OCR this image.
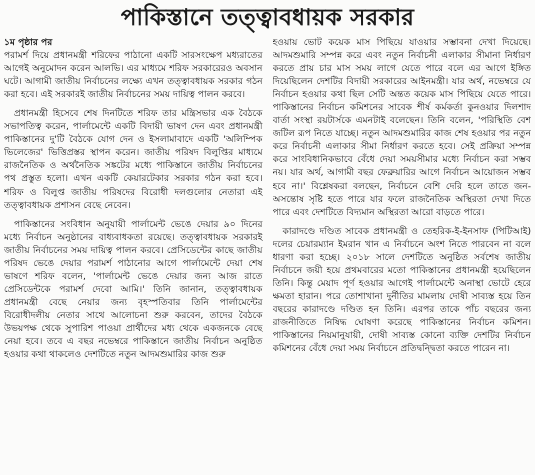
পাকিস্তানে তত্ত্বাবধায়ক সরকার

১ম পৃষ্ঠার পর
পরামর্শ দিয়ে প্রধানমন্ত্রী শরিফের পাঠানো একটি সারসংক্ষেপ মধ্যরাতের আগেই অনুমোদন করেন আলভি। এর মাধ্যমে শরিফ সরকারেরও অবসান ঘটে। আগামী জাতীয় নির্বাচনের লক্ষ্যে এখন তত্ত্বাবধায়ক সরকার গঠন করা হবে। এই সরকারই জাতীয় নির্বাচনের সময় দায়িত্ব পালন করবে।

প্রধানমন্ত্রী হিসেবে শেষ দিনটিতে শরিফ তার মন্ত্রিসভার এক বৈঠকে সভাপতিত্ব করেন, পার্লামেন্টে একটি বিদায়ী ভাষণ দেন এবং প্রধানমন্ত্রী পাকিস্তানের দু'টি বৈঠকে যোগ দেন ও ইসলামাবাদে একটি 'অলিম্পিক ভিলেজের' ভিত্তিপ্রস্তর স্থাপন করেন। জাতীয় পরিষদ বিলুপ্তির মাধ্যমে রাজনৈতিক ও অর্থনৈতিক সঙ্কটের মধ্যে পাকিস্তানে জাতীয় নির্বাচনের পথ প্রস্তুত হলো। এখন একটি কেয়ারটেকার সরকার গঠন করা হবে। শরিফ ও বিলুপ্ত জাতীয় পরিষদের বিরোধী দলগুলোর নেতারা এই তত্ত্বাবধায়ক প্রশাসন বেছে নেবেন।

পাকিস্তানের সংবিধান অনুযায়ী পার্লামেন্ট ভেঙে দেয়ার ৯০ দিনের মধ্যে নির্বাচন অনুষ্ঠানের বাধ্যবাধকতা রয়েছে। তত্ত্বাবধায়ক সরকারই জাতীয় নির্বাচনের সময় দায়িত্ব পালন করবে। প্রেসিডেন্টের কাছে জাতীয় পরিষদ ভেঙে দেয়ার পরামর্শ পাঠানোর আগে পার্লামেন্টে দেয়া শেষ ভাষণে শরিফ বলেন, 'পার্লামেন্ট ভেঙে দেয়ার জন্য আজ রাতে প্রেসিডেন্টকে পরামর্শ দেবো আমি।' তিনি জানান, তত্ত্বাবধায়ক প্রধানমন্ত্রী বেছে নেয়ার জন্য বৃহস্পতিবার তিনি পার্লামেন্টের বিরোধীদলীয় নেতার সাথে আলোচনা শুরু করবেন, তাদের বৈঠকে উভয়পক্ষ থেকে সুপারিশ পাওয়া প্রার্থীদের মধ্য থেকে একজনকে বেছে নেয়া হবে। তবে এ বছর নভেম্বরে পাকিস্তানে জাতীয় নির্বাচন অনুষ্ঠিত হওয়ার কথা থাকলেও দেশটিতে নতুন আদমশুমারির কাজ শুরু

হওয়ায় ভোট কয়েক মাস পিছিয়ে যাওয়ার সম্ভাবনা দেখা দিয়েছে। আদমশুমারি সম্পন্ন করে এবং নতুন নির্বাচনী এলাকার সীমানা নির্ধারণ করতে প্রায় চার মাস সময় লাগে যেতে পারে বলে এর আগে ইঙ্গিত দিয়েছিলেন দেশটির বিদায়ী সরকারের আইনমন্ত্রী। যার অর্থ, নভেম্বরে যে নির্বাচন হওয়ার কথা ছিল সেটি অন্তত কয়েক মাস পিছিয়ে যেতে পারে। পাকিস্তানের নির্বাচন কমিশনের সাবেক শীর্ষ কর্মকর্তা কুনওয়ার দিলশাদ বার্তা সংস্থা রয়টার্সকে এমনটাই বলেছেন। তিনি বলেন, 'পরিস্থিতি বেশ জটিল রূপ নিতে যাচ্ছে। নতুন আদমশুমারির কাজ শেষ হওয়ার পর নতুন করে নির্বাচনী এলাকার সীমা নির্ধারণ করতে হবে। সেই প্রক্রিয়া সম্পন্ন করে সাংবিধানিকভাবে বেঁধে দেয়া সময়সীমার মধ্যে নির্বাচন করা সম্ভব নয়। যার অর্থ, আগামী বছর ফেব্রুয়ারির আগে নির্বাচন আয়োজন সম্ভব হবে না।' বিশ্লেষকরা বলছেন, নির্বাচনে বেশি দেরি হলে তাতে জন-অসন্তোষ সৃষ্টি হতে পারে যার ফলে রাজনৈতিক অস্থিরতা দেখা দিতে পারে এবং দেশটিতে বিদ্যমান অস্থিরতা আরো বাড়তে পারে।

কারাদণ্ডে দণ্ডিত সাবেক প্রধানমন্ত্রী ও তেহরিক-ই-ইনসাফ (পিটিআই) দলের চেয়ারম্যান ইমরান খান এ নির্বাচনে অংশ নিতে পারবেন না বলে ধারণা করা হচ্ছে। ২০১৮ সালে দেশটিতে অনুষ্ঠিত সর্বশেষ জাতীয় নির্বাচনে জয়ী হয়ে প্রথমবারের মতো পাকিস্তানের প্রধানমন্ত্রী হয়েছিলেন তিনি। কিন্তু মেয়াদ পূর্ণ হওয়ার আগেই পার্লামেন্টে অনাস্থা ভোটে হেরে ক্ষমতা হারান। পরে তোশাখানা দুর্নীতির মামলায় দোষী সাব্যস্ত হয়ে তিন বছরের কারাদণ্ডে দণ্ডিত হন তিনি। এরপর তাকে পাঁচ বছরের জন্য রাজনীতিতে নিষিদ্ধ ঘোষণা করেছে পাকিস্তানের নির্বাচন কমিশন। পাকিস্তানের নিয়মানুযায়ী, দোষী সাব্যস্ত কোনো ব্যক্তি দেশটির নির্বাচন কমিশনের বেঁধে দেয়া সময় নির্বাচনে প্রতিদ্বন্দ্বিতা করতে পারেন না।
